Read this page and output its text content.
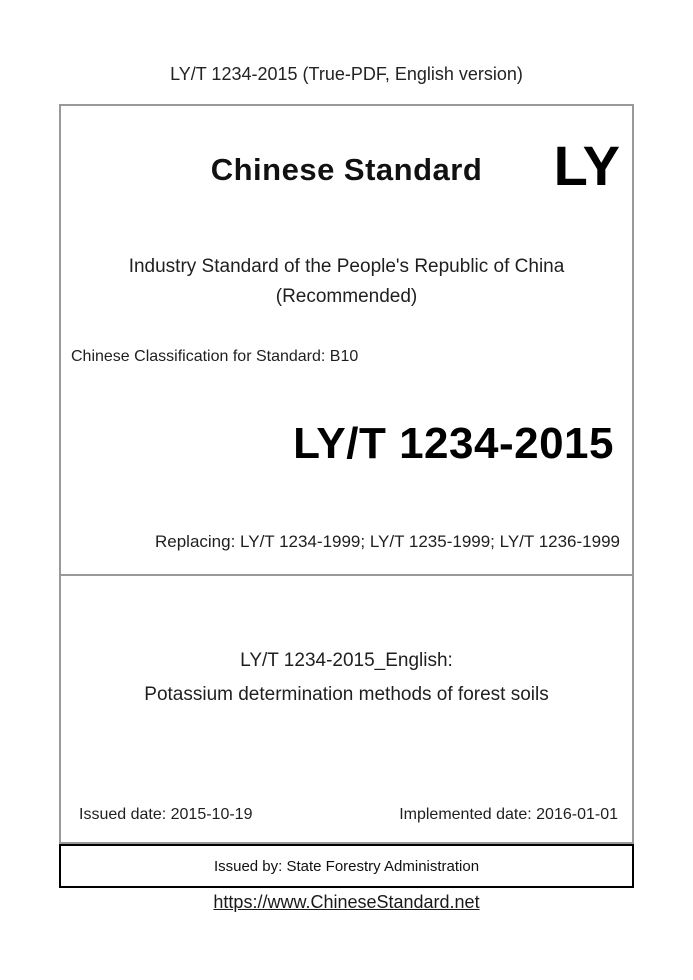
LY/T 1234-2015 (True-PDF, English version)
Chinese Standard	LY
Industry Standard of the People's Republic of China
(Recommended)
Chinese Classification for Standard: B10
LY/T 1234-2015
Replacing: LY/T 1234-1999; LY/T 1235-1999; LY/T 1236-1999
LY/T 1234-2015_English:
Potassium determination methods of forest soils
Issued date: 2015-10-19	Implemented date: 2016-01-01
Issued by: State Forestry Administration
https://www.ChineseStandard.net
